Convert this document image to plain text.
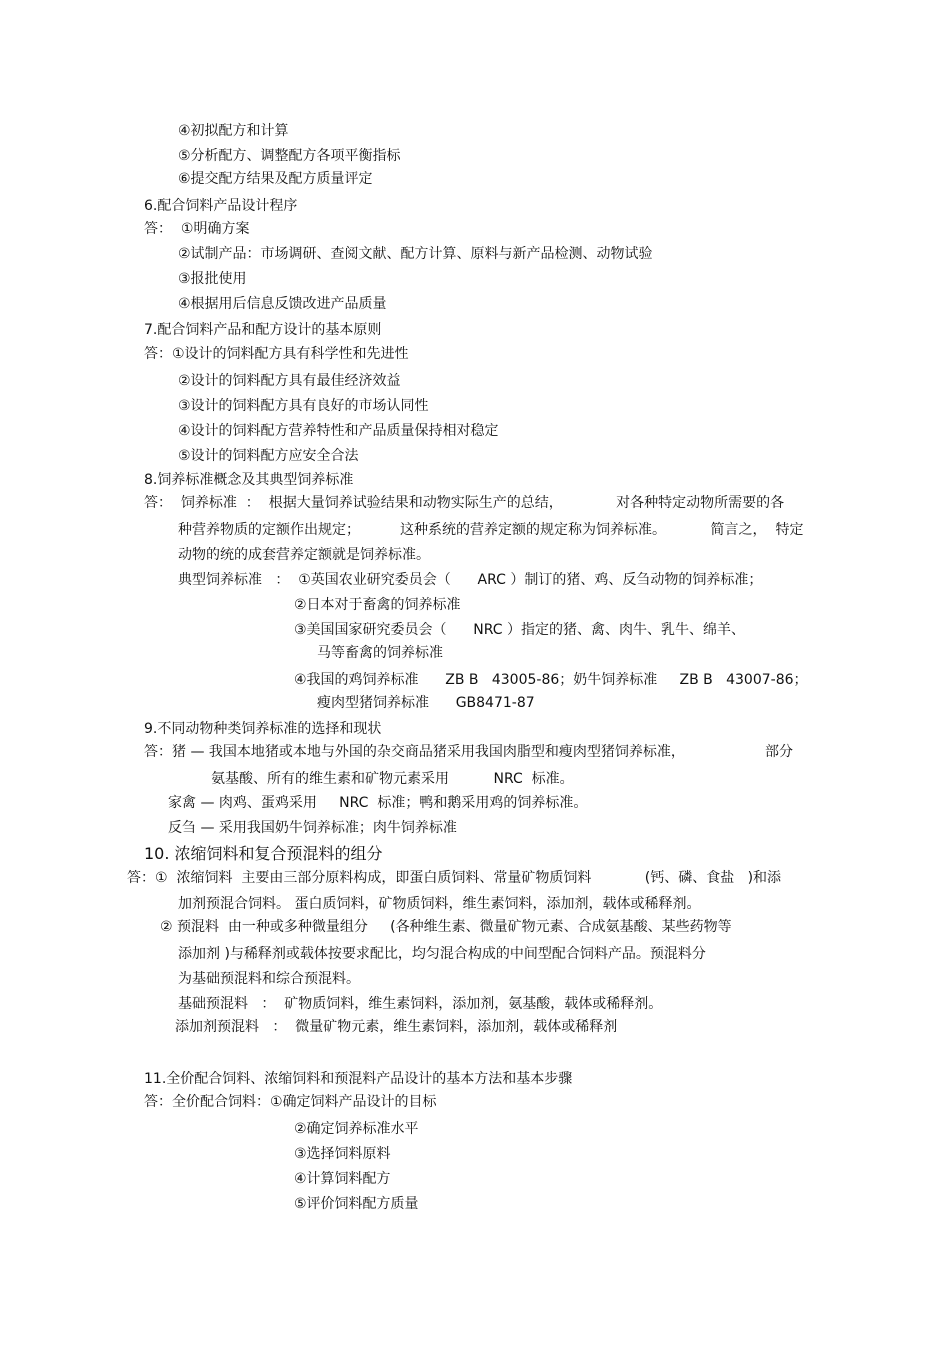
④初拟配方和计算
⑤分析配方、调整配方各项平衡指标
⑥提交配方结果及配方质量评定
6.配合饲料产品设计程序
答：  ①明确方案
②试制产品：市场调研、查阅文献、配方计算、原料与新产品检测、动物试验
③报批使用
④根据用后信息反馈改进产品质量
7.配合饲料产品和配方设计的基本原则
答：①设计的饲料配方具有科学性和先进性
②设计的饲料配方具有最佳经济效益
③设计的饲料配方具有良好的市场认同性
④设计的饲料配方营养特性和产品质量保持相对稳定
⑤设计的饲料配方应安全合法
8.饲养标准概念及其典型饲养标准
答：  饲养标准  ：  根据大量饲养试验结果和动物实际生产的总结，            对各种特定动物所需要的各
种营养物质的定额作出规定；         这种系统的营养定额的规定称为饲养标准。          简言之，  特定
动物的统的成套营养定额就是饲养标准。
典型饲养标准   ：  ①英国农业研究委员会（      ARC ）制订的猪、鸡、反刍动物的饲养标准；
②日本对于畜禽的饲养标准
③美国国家研究委员会（      NRC ）指定的猪、禽、肉牛、乳牛、绵羊、
马等畜禽的饲养标准
④我国的鸡饲养标准      ZB B   43005-86；奶牛饲养标准     ZB B   43007-86；
瘦肉型猪饲养标准      GB8471-87
9.不同动物种类饲养标准的选择和现状
答：猪 — 我国本地猪或本地与外国的杂交商品猪采用我国肉脂型和瘦肉型猪饲养标准，                  部分
氨基酸、所有的维生素和矿物元素采用          NRC  标准。
家禽 — 肉鸡、蛋鸡采用     NRC  标准；鸭和鹅采用鸡的饲养标准。
反刍 — 采用我国奶牛饲养标准；肉牛饲养标准
10. 浓缩饲料和复合预混料的组分
答：①  浓缩饲料  主要由三部分原料构成，即蛋白质饲料、常量矿物质饲料            (钙、磷、食盐   )和添
加剂预混合饲料。 蛋白质饲料，矿物质饲料，维生素饲料，添加剂，载体或稀释剂。
② 预混料  由一种或多种微量组分     (各种维生素、微量矿物元素、合成氨基酸、某些药物等
添加剂 )与稀释剂或载体按要求配比，均匀混合构成的中间型配合饲料产品。预混料分
为基础预混料和综合预混料。
基础预混料   ：  矿物质饲料，维生素饲料，添加剂，氨基酸，载体或稀释剂。
添加剂预混料   ：  微量矿物元素，维生素饲料，添加剂，载体或稀释剂
11.全价配合饲料、浓缩饲料和预混料产品设计的基本方法和基本步骤
答：全价配合饲料：①确定饲料产品设计的目标
②确定饲养标准水平
③选择饲料原料
④计算饲料配方
⑤评价饲料配方质量
